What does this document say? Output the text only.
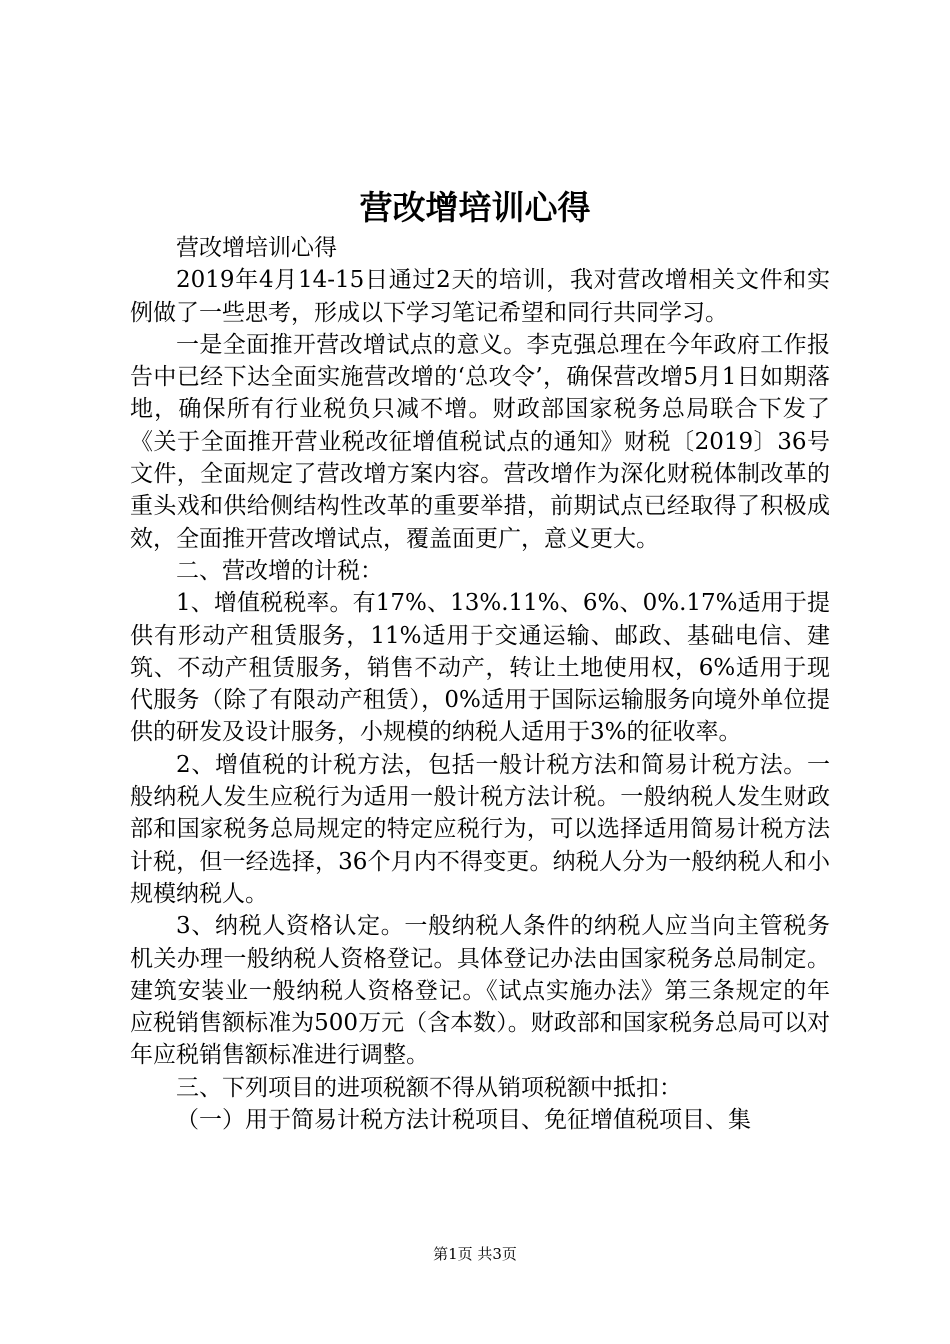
营改增培训心得

营改增培训心得

2019年4月14-15日通过2天的培训，我对营改增相关文件和实例做了一些思考，形成以下学习笔记希望和同行共同学习。

一是全面推开营改增试点的意义。李克强总理在今年政府工作报告中已经下达全面实施营改增的‘总攻令’，确保营改增5月1日如期落地，确保所有行业税负只减不增。财政部国家税务总局联合下发了《关于全面推开营业税改征增值税试点的通知》财税〔2019〕36号文件，全面规定了营改增方案内容。营改增作为深化财税体制改革的重头戏和供给侧结构性改革的重要举措，前期试点已经取得了积极成效，全面推开营改增试点，覆盖面更广，意义更大。

二、营改增的计税：

1、增值税税率。有17%、13%.11%、6%、0%.17%适用于提供有形动产租赁服务，11%适用于交通运输、邮政、基础电信、建筑、不动产租赁服务，销售不动产，转让土地使用权，6%适用于现代服务（除了有限动产租赁），0%适用于国际运输服务向境外单位提供的研发及设计服务，小规模的纳税人适用于3%的征收率。

2、增值税的计税方法，包括一般计税方法和简易计税方法。一般纳税人发生应税行为适用一般计税方法计税。一般纳税人发生财政部和国家税务总局规定的特定应税行为，可以选择适用简易计税方法计税，但一经选择，36个月内不得变更。纳税人分为一般纳税人和小规模纳税人。

3、纳税人资格认定。一般纳税人条件的纳税人应当向主管税务机关办理一般纳税人资格登记。具体登记办法由国家税务总局制定。建筑安装业一般纳税人资格登记。《试点实施办法》第三条规定的年应税销售额标准为500万元（含本数）。财政部和国家税务总局可以对年应税销售额标准进行调整。

三、下列项目的进项税额不得从销项税额中抵扣：

（一）用于简易计税方法计税项目、免征增值税项目、集

第1页 共3页
